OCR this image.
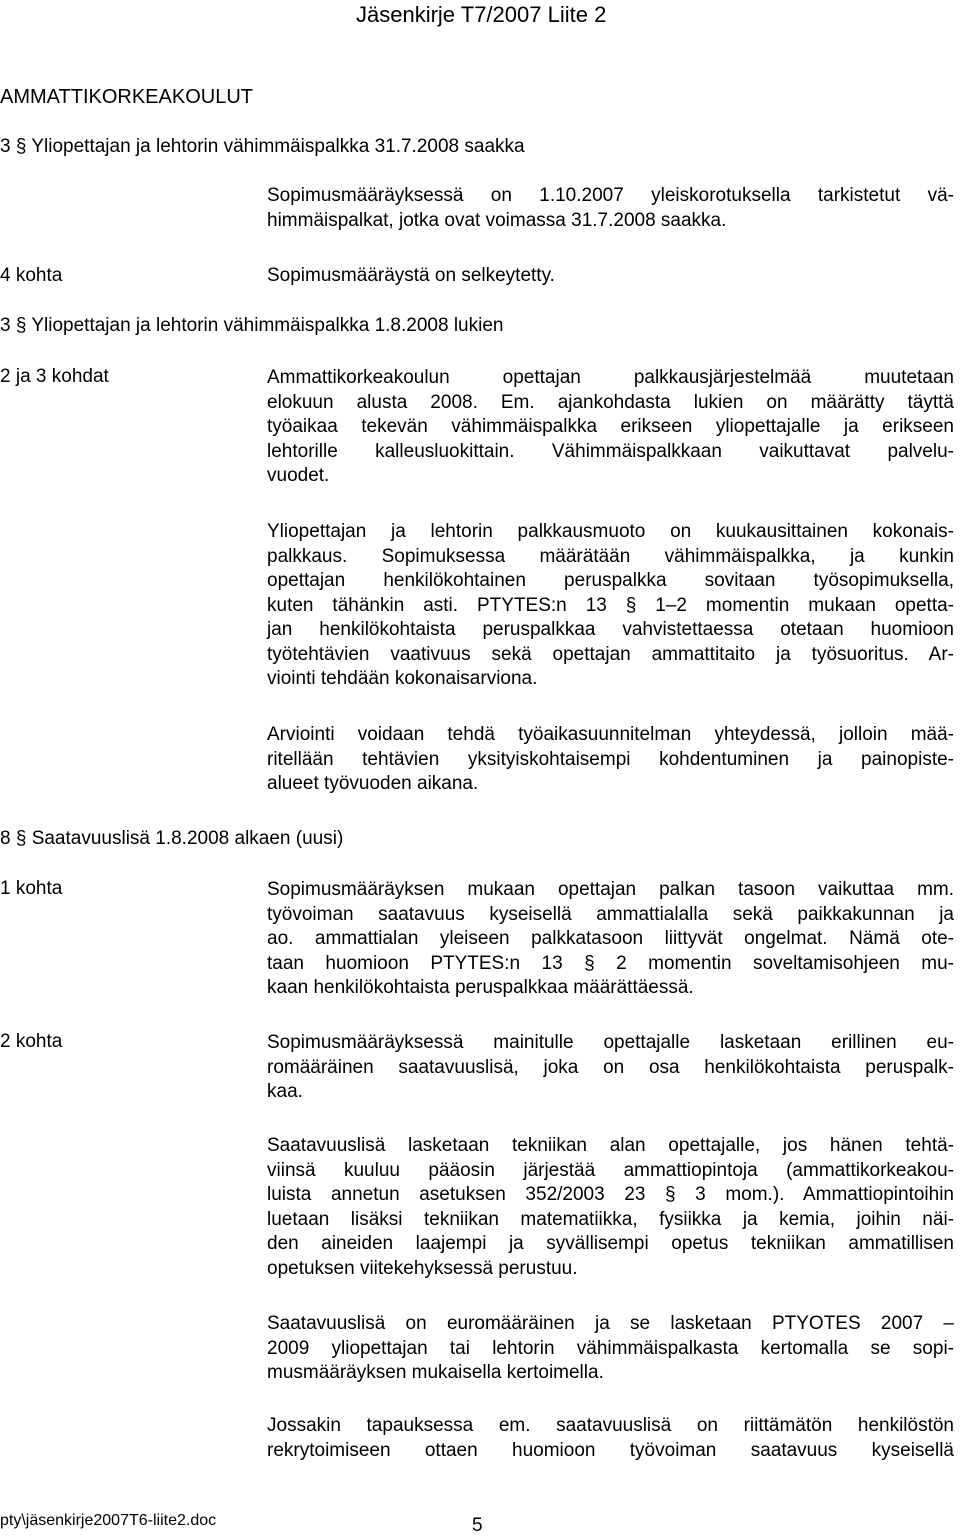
Jäsenkirje T7/2007 Liite 2
AMMATTIKORKEAKOULUT
3 § Yliopettajan ja lehtorin vähimmäispalkka 31.7.2008 saakka
Sopimusmääräyksessä on 1.10.2007 yleiskorotuksella tarkistetut vä-
himmäispalkat, jotka ovat voimassa 31.7.2008 saakka.
4 kohta	Sopimusmääräystä on selkeytetty.
3 § Yliopettajan ja lehtorin vähimmäispalkka 1.8.2008 lukien
2 ja 3 kohdat	Ammattikorkeakoulun opettajan palkkausjärjestelmää muutetaan
elokuun alusta 2008. Em. ajankohdasta lukien on määrätty täyttä
työaikaa tekevän vähimmäispalkka erikseen yliopettajalle ja erikseen
lehtorille kalleusluokittain. Vähimmäispalkkaan vaikuttavat palvelu-
vuodet.
Yliopettajan ja lehtorin palkkausmuoto on kuukausittainen kokonais-
palkkaus. Sopimuksessa määrätään vähimmäispalkka, ja kunkin
opettajan henkilökohtainen peruspalkka sovitaan työsopimuksella,
kuten tähänkin asti. PTYTES:n 13 § 1–2 momentin mukaan opetta-
jan henkilökohtaista peruspalkkaa vahvistettaessa otetaan huomioon
työtehtävien vaativuus sekä opettajan ammattitaito ja työsuoritus. Ar-
viointi tehdään kokonaisarviona.
Arviointi voidaan tehdä työaikasuunnitelman yhteydessä, jolloin mää-
ritellään tehtävien yksityiskohtaisempi kohdentuminen ja painopiste-
alueet työvuoden aikana.
8 § Saatavuuslisä 1.8.2008 alkaen (uusi)
1 kohta	Sopimusmääräyksen mukaan opettajan palkan tasoon vaikuttaa mm.
työvoiman saatavuus kyseisellä ammattialalla sekä paikkakunnan ja
ao. ammattialan yleiseen palkkatasoon liittyvät ongelmat. Nämä ote-
taan huomioon PTYTES:n 13 § 2 momentin soveltamisohjeen mu-
kaan henkilökohtaista peruspalkkaa määrättäessä.
2 kohta	Sopimusmääräyksessä mainitulle opettajalle lasketaan erillinen eu-
romääräinen saatavuuslisä, joka on osa henkilökohtaista peruspalk-
kaa.
Saatavuuslisä lasketaan tekniikan alan opettajalle, jos hänen tehtä-
viinsä kuuluu pääosin järjestää ammattiopintoja (ammattikorkeakou-
luista annetun asetuksen 352/2003 23 § 3 mom.). Ammattiopintoihin
luetaan lisäksi tekniikan matematiikka, fysiikka ja kemia, joihin näi-
den aineiden laajempi ja syvällisempi opetus tekniikan ammatillisen
opetuksen viitekehyksessä perustuu.
Saatavuuslisä on euromääräinen ja se lasketaan PTYOTES 2007 –
2009 yliopettajan tai lehtorin vähimmäispalkasta kertomalla se sopi-
musmääräyksen mukaisella kertoimella.
Jossakin tapauksessa em. saatavuuslisä on riittämätön henkilöstön
rekrytoimiseen ottaen huomioon työvoiman saatavuus kyseisellä
pty\jäsenkirje2007T6-liite2.doc	5
